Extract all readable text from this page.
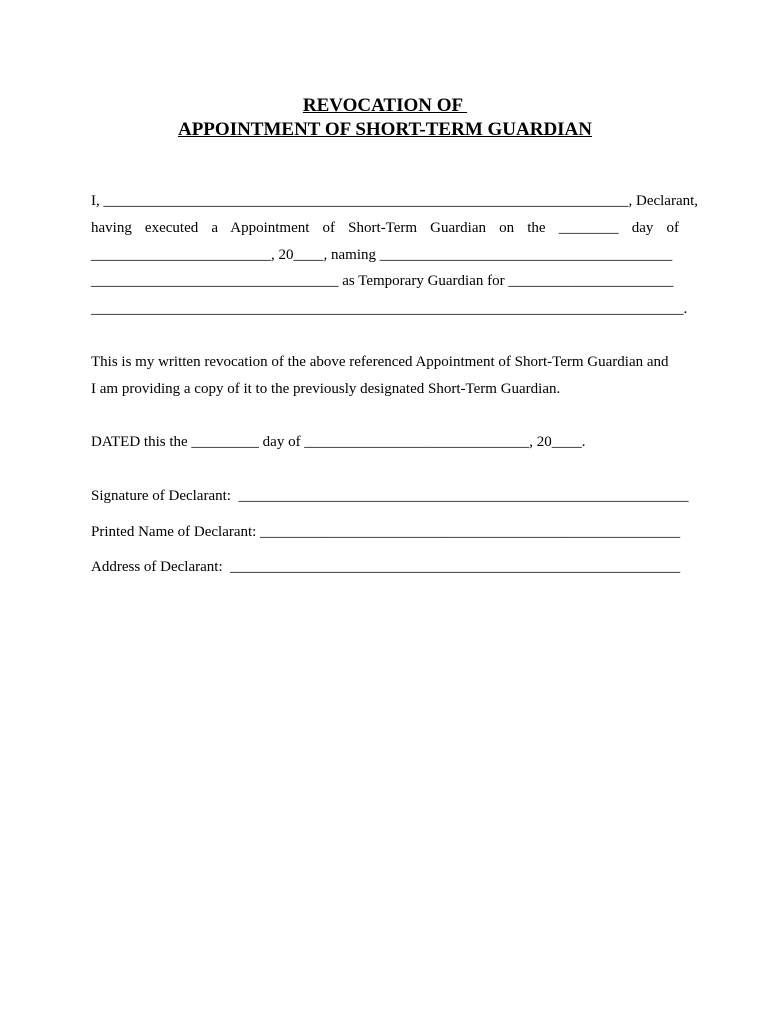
REVOCATION OF
APPOINTMENT OF SHORT-TERM GUARDIAN
I, ______________________________________________________________________, Declarant,
having executed a Appointment of Short-Term Guardian on the ________ day of
________________________, 20____, naming _______________________________________
_________________________________ as Temporary Guardian for ______________________
_______________________________________________________________________________.
This is my written revocation of the above referenced Appointment of Short-Term Guardian and
I am providing a copy of it to the previously designated Short-Term Guardian.
DATED this the _________ day of ______________________________, 20____.
Signature of Declarant:  ____________________________________________________________
Printed Name of Declarant: ________________________________________________________
Address of Declarant:  ____________________________________________________________
